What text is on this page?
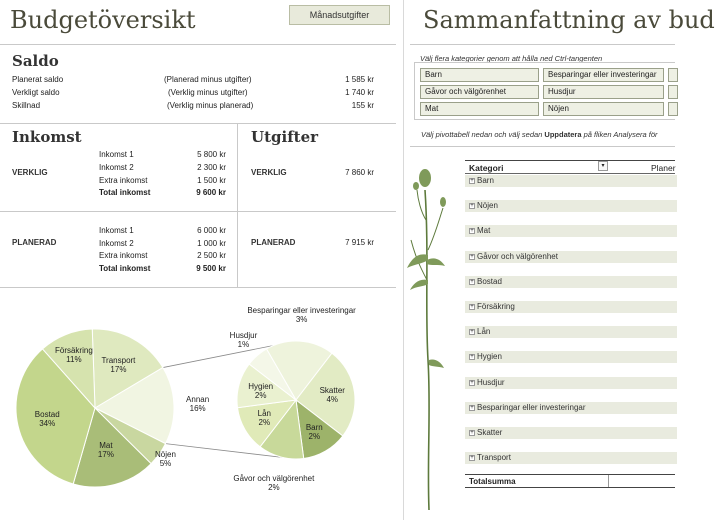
Budgetöversikt	Månadsutgifter
Saldo
Planerat saldo	(Planerad minus utgifter)	1 585 kr
Verkligt saldo	(Verklig minus utgifter)	1 740 kr
Skillnad	(Verklig minus planerad)	155 kr
Inkomst
VERKLIG
Inkomst 1	5 800 kr
Inkomst 2	2 300 kr
Extra inkomst	1 500 kr
Total inkomst	9 600 kr
PLANERAD
Inkomst 1	6 000 kr
Inkomst 2	1 000 kr
Extra inkomst	2 500 kr
Total inkomst	9 500 kr
Utgifter
VERKLIG	7 860 kr
PLANERAD	7 915 kr
Transport
17%
Annan
16%
Nöjen
5%
Mat
17%
Bostad
34%
Försäkring
11%
Besparingar eller investeringar
3%
Skatter
4%
Barn
2%
Gåvor och välgörenhet
2%
Lån
2%
Hygien
2%
Husdjur
1%
Sammanfattning av bud
Välj flera kategorier genom att hålla ned Ctrl-tangenten
Barn	Besparingar eller investeringar
Gåvor och välgörenhet	Husdjur
Mat	Nöjen
Välj pivottabell nedan och välj sedan Uppdatera på fliken Analysera för
Kategori	▾	Planer
+ Barn
+ Nöjen
+ Mat
+ Gåvor och välgörenhet
+ Bostad
+ Försäkring
+ Lån
+ Hygien
+ Husdjur
+ Besparingar eller investeringar
+ Skatter
+ Transport
Totalsumma
